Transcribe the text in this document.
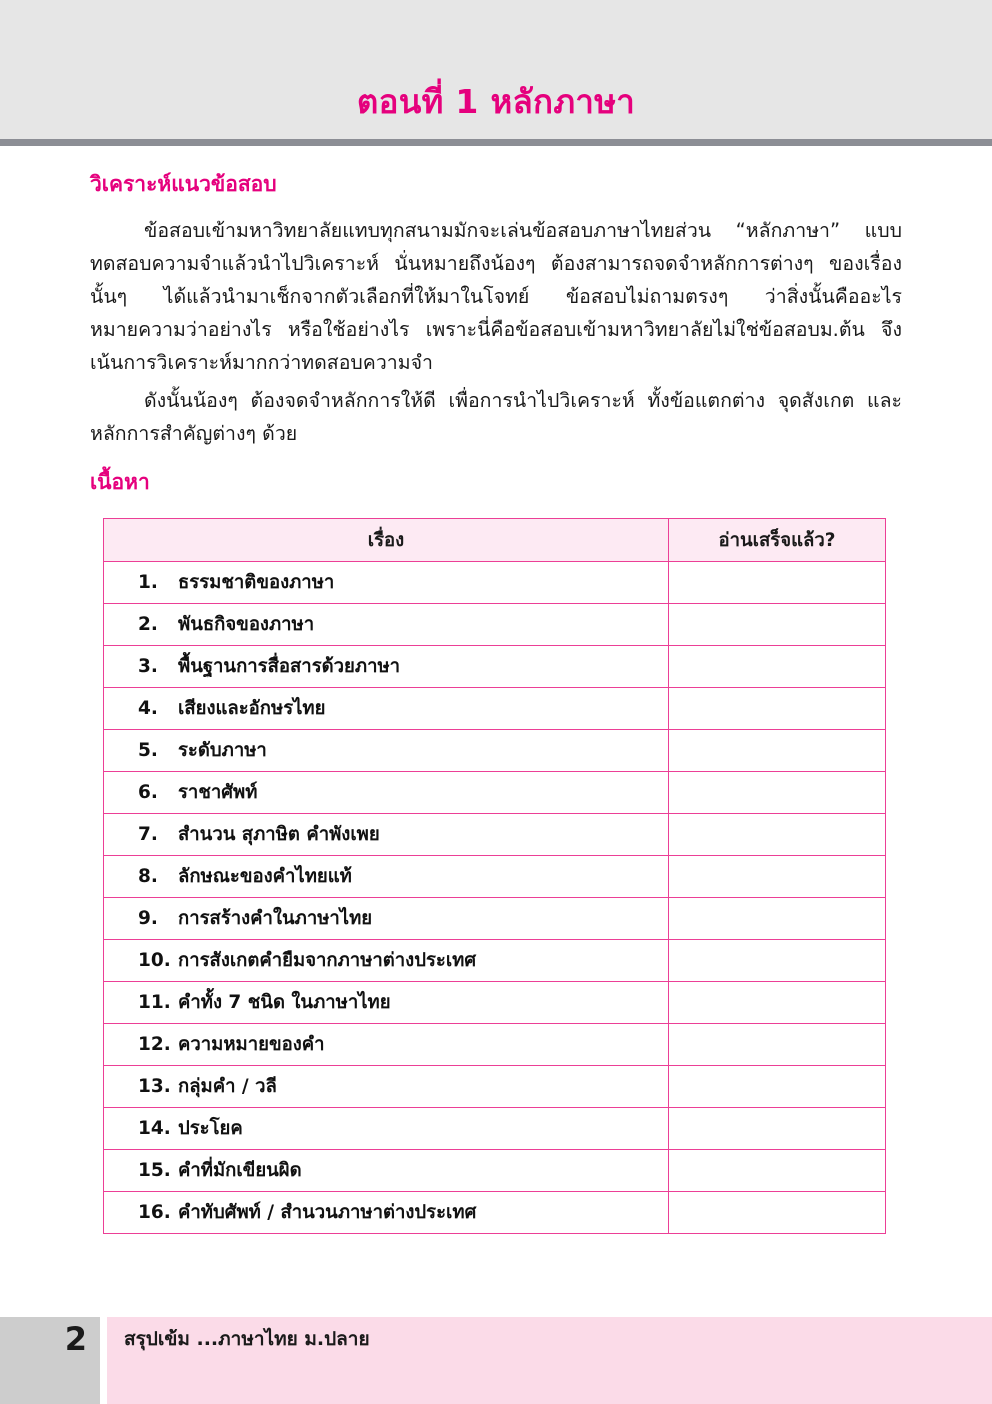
ตอนที่ 1 หลักภาษา
วิเคราะห์แนวข้อสอบ

ข้อสอบเข้ามหาวิทยาลัยแทบทุกสนามมักจะเล่นข้อสอบภาษาไทยส่วน “หลักภาษา” แบบทดสอบความจำแล้วนำไปวิเคราะห์ นั่นหมายถึงน้องๆ ต้องสามารถจดจำหลักการต่างๆ ของเรื่องนั้นๆ ได้แล้วนำมาเช็กจากตัวเลือกที่ให้มาในโจทย์ ข้อสอบไม่ถามตรงๆ ว่าสิ่งนั้นคืออะไร หมายความว่าอย่างไร หรือใช้อย่างไร เพราะนี่คือข้อสอบเข้ามหาวิทยาลัยไม่ใช่ข้อสอบม.ต้น จึงเน้นการวิเคราะห์มากกว่าทดสอบความจำ

ดังนั้นน้องๆ ต้องจดจำหลักการให้ดี เพื่อการนำไปวิเคราะห์ ทั้งข้อแตกต่าง จุดสังเกต และหลักการสำคัญต่างๆ ด้วย

เนื้อหา
เรื่อง	อ่านเสร็จแล้ว?

1. ธรรมชาติของภาษา	

2. พันธกิจของภาษา	

3. พื้นฐานการสื่อสารด้วยภาษา	

4. เสียงและอักษรไทย	

5. ระดับภาษา	

6. ราชาศัพท์	

7. สำนวน สุภาษิต คำพังเพย	

8. ลักษณะของคำไทยแท้	

9. การสร้างคำในภาษาไทย	

10. การสังเกตคำยืมจากภาษาต่างประเทศ	

11. คำทั้ง 7 ชนิด ในภาษาไทย	

12. ความหมายของคำ	

13. กลุ่มคำ / วลี	

14. ประโยค	

15. คำที่มักเขียนผิด	

16. คำทับศัพท์ / สำนวนภาษาต่างประเทศ	

2	สรุปเข้ม ...ภาษาไทย ม.ปลาย
